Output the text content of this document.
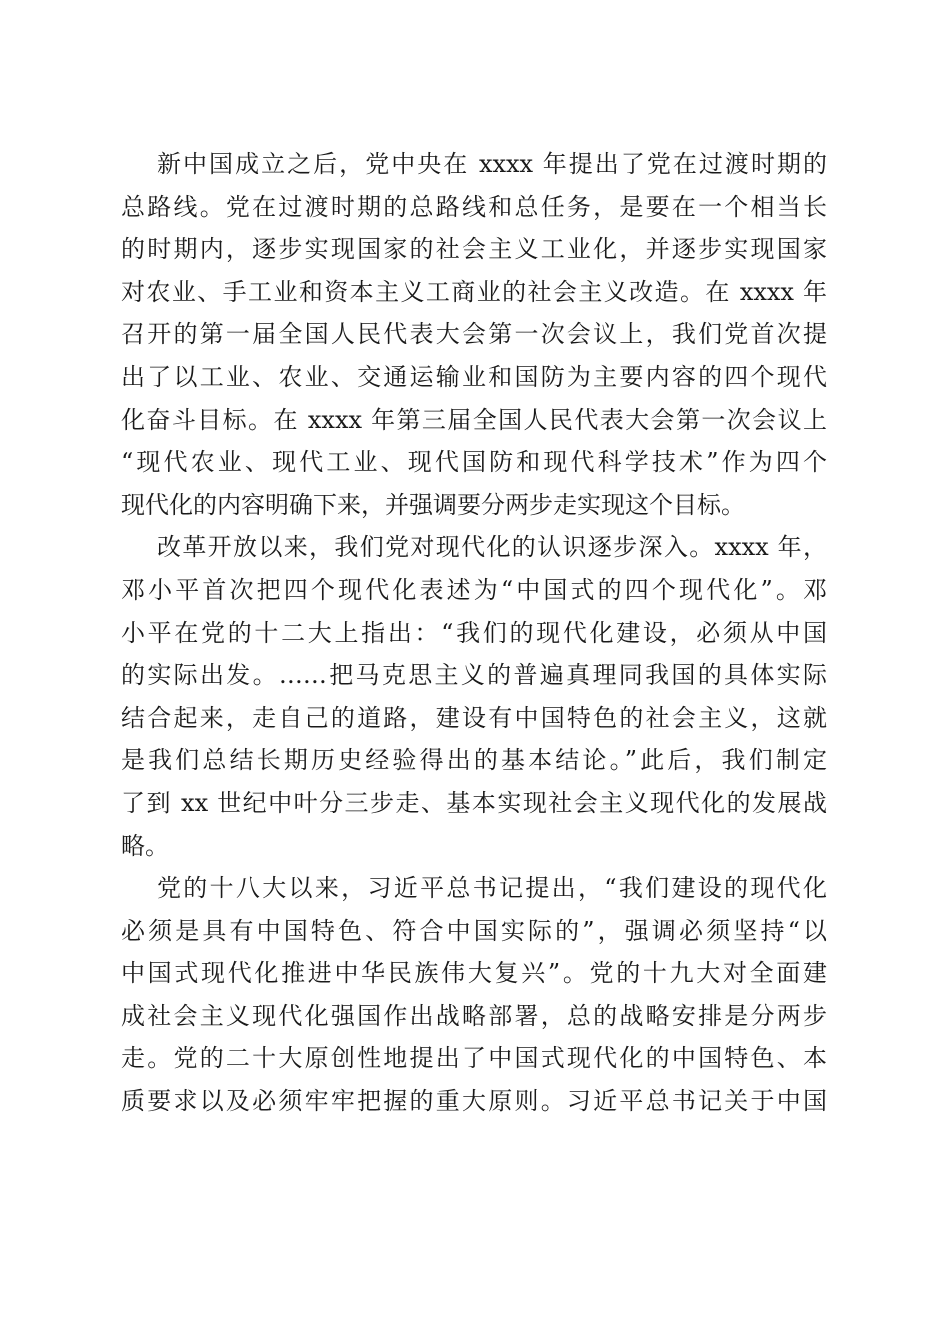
新中国成立之后，党中央在 xxxx 年提出了党在过渡时期的
总路线。党在过渡时期的总路线和总任务，是要在一个相当长
的时期内，逐步实现国家的社会主义工业化，并逐步实现国家
对农业、手工业和资本主义工商业的社会主义改造。在 xxxx 年
召开的第一届全国人民代表大会第一次会议上，我们党首次提
出了以工业、农业、交通运输业和国防为主要内容的四个现代
化奋斗目标。在 xxxx 年第三届全国人民代表大会第一次会议上
“现代农业、现代工业、现代国防和现代科学技术”作为四个
现代化的内容明确下来，并强调要分两步走实现这个目标。
改革开放以来，我们党对现代化的认识逐步深入。xxxx 年，
邓小平首次把四个现代化表述为“中国式的四个现代化”。邓
小平在党的十二大上指出：“我们的现代化建设，必须从中国
的实际出发。……把马克思主义的普遍真理同我国的具体实际
结合起来，走自己的道路，建设有中国特色的社会主义，这就
是我们总结长期历史经验得出的基本结论。”此后，我们制定
了到 xx 世纪中叶分三步走、基本实现社会主义现代化的发展战
略。
党的十八大以来，习近平总书记提出，“我们建设的现代化
必须是具有中国特色、符合中国实际的”，强调必须坚持“以
中国式现代化推进中华民族伟大复兴”。党的十九大对全面建
成社会主义现代化强国作出战略部署，总的战略安排是分两步
走。党的二十大原创性地提出了中国式现代化的中国特色、本
质要求以及必须牢牢把握的重大原则。习近平总书记关于中国
